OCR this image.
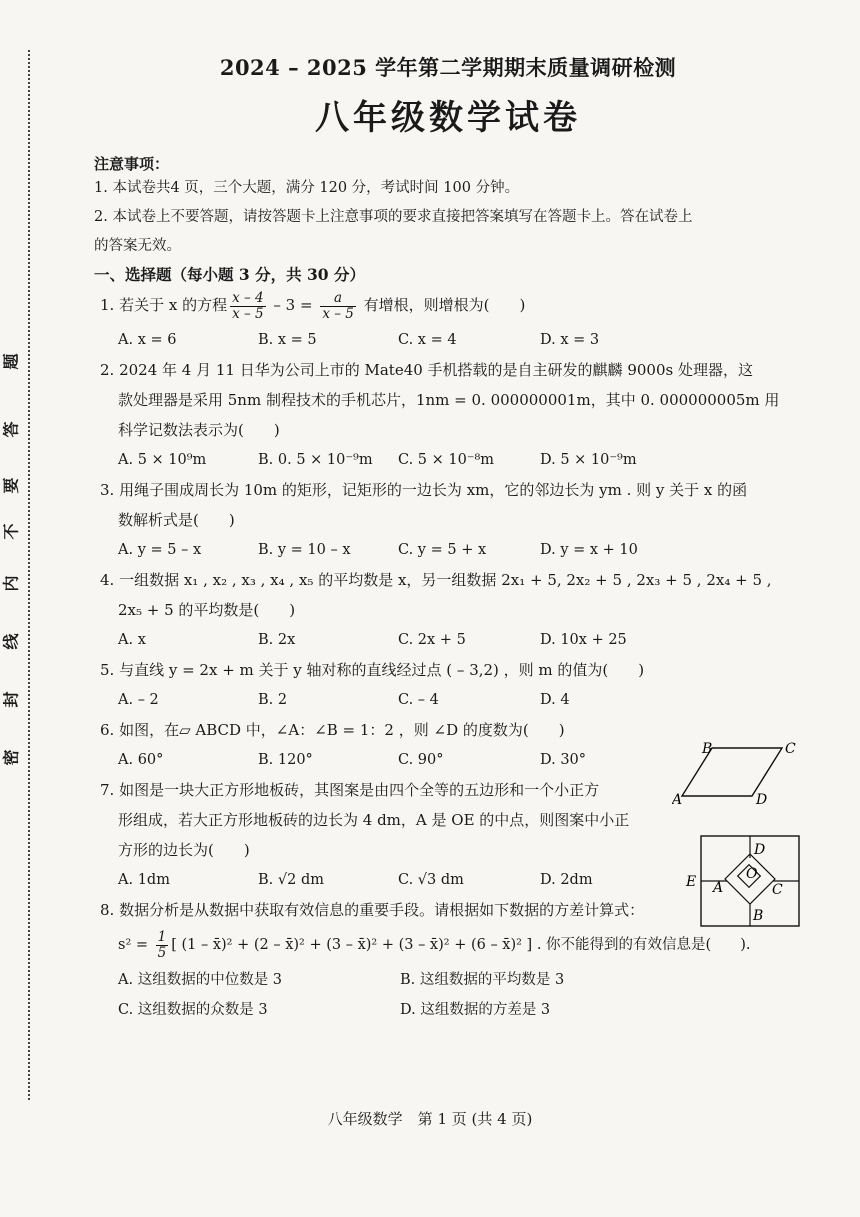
题
答
要
不
内
线
封
密
2024 – 2025 学年第二学期期末质量调研检测
八年级数学试卷
注意事项：
1. 本试卷共4 页，三个大题，满分 120 分，考试时间 100 分钟。
2. 本试卷上不要答题，请按答题卡上注意事项的要求直接把答案填写在答题卡上。答在试卷上
的答案无效。
一、选择题（每小题 3 分，共 30 分）
1. 若关于 x 的方程 $\frac{x - 4}{x - 5} - 3 = \frac{a}{x - 5}$ 有增根，则增根为(　　)
A. x = 6	B. x = 5	C. x = 4	D. x = 3
2. 2024 年 4 月 11 日华为公司上市的 Mate40 手机搭载的是自主研发的麒麟 9000s 处理器，这
款处理器是采用 5nm 制程技术的手机芯片，1nm = 0. 000000001m，其中 0. 000000005m 用
科学记数法表示为(　　)
A. 5 × 10⁹m	B. 0. 5 × 10⁻⁹m	C. 5 × 10⁻⁸m	D. 5 × 10⁻⁹m
3. 用绳子围成周长为 10m 的矩形，记矩形的一边长为 xm，它的邻边长为 ym . 则 y 关于 x 的函
数解析式是(　　)
A. y = 5 – x	B. y = 10 – x	C. y = 5 + x	D. y = x + 10
4. 一组数据 x₁ , x₂ , x₃ , x₄ , x₅ 的平均数是 x，另一组数据 2x₁ + 5, 2x₂ + 5 , 2x₃ + 5 , 2x₄ + 5 ,
2x₅ + 5 的平均数是(　　)
A. x	B. 2x	C. 2x + 5	D. 10x + 25
5. 与直线 y = 2x + m 关于 y 轴对称的直线经过点 ( – 3,2) ，则 m 的值为(　　)
A. – 2	B. 2	C. – 4	D. 4
6. 如图，在▱ ABCD 中，∠A：∠B = 1：2 ，则 ∠D 的度数为(　　)
A. 60°	B. 120°	C. 90°	D. 30°
7. 如图是一块大正方形地板砖，其图案是由四个全等的五边形和一个小正方
形组成，若大正方形地板砖的边长为 4 dm，A 是 OE 的中点，则图案中小正
方形的边长为(　　)
A. 1dm	B. √2 dm	C. √3 dm	D. 2dm
8. 数据分析是从数据中获取有效信息的重要手段。请根据如下数据的方差计算式：
$s^2 = \frac{1}{5}$ [ (1 – x̄)² + (2 – x̄)² + (3 – x̄)² + (3 – x̄)² + (6 – x̄)² ] . 你不能得到的有效信息是(　　).
A. 这组数据的中位数是 3	B. 这组数据的平均数是 3
C. 这组数据的众数是 3	D. 这组数据的方差是 3
B	C
A	D
D
O
E A	C
B
八年级数学　第 1 页 (共 4 页)
